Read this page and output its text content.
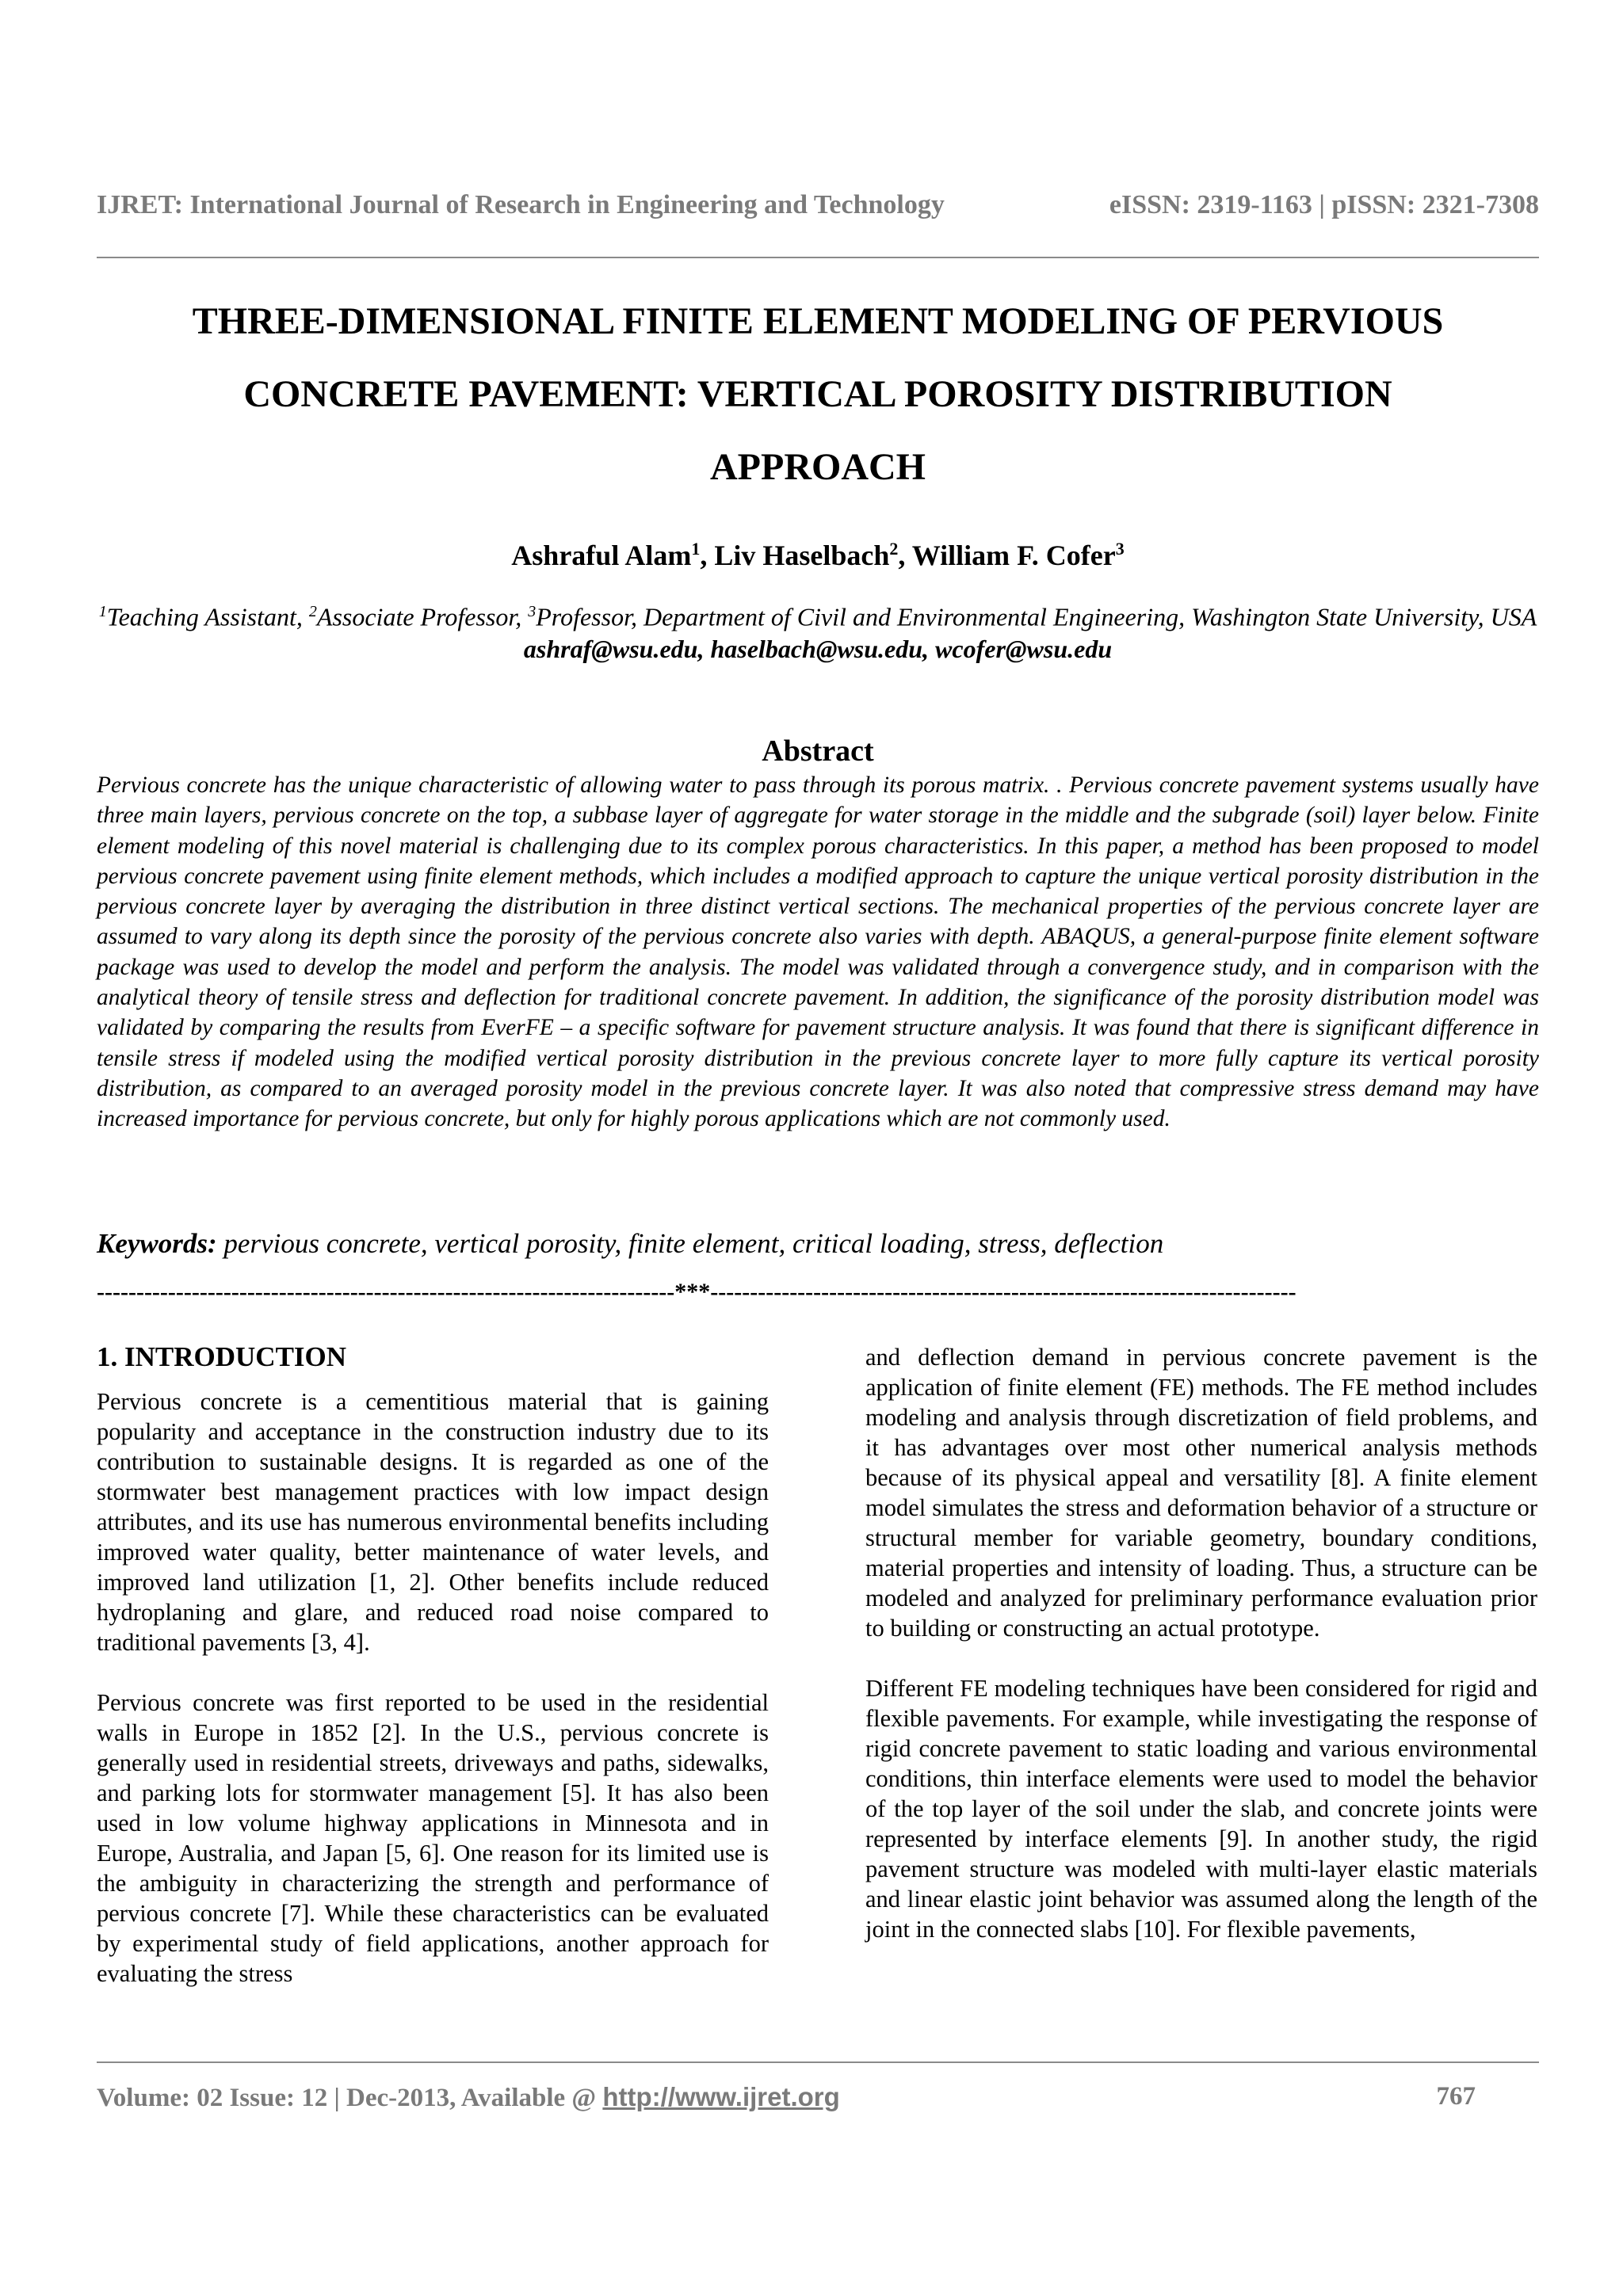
IJRET: International Journal of Research in Engineering and Technology	eISSN: 2319-1163 | pISSN: 2321-7308
THREE-DIMENSIONAL FINITE ELEMENT MODELING OF PERVIOUS
CONCRETE PAVEMENT: VERTICAL POROSITY DISTRIBUTION
APPROACH
Ashraful Alam$^1$, Liv Haselbach$^2$, William F. Cofer$^3$
$^1$Teaching Assistant, $^2$Associate Professor, $^3$Professor, Department of Civil and Environmental Engineering, Washington State University, USA
ashraf@wsu.edu, haselbach@wsu.edu, wcofer@wsu.edu
Abstract
Pervious concrete has the unique characteristic of allowing water to pass through its porous matrix. . Pervious concrete pavement systems usually have three main layers, pervious concrete on the top, a subbase layer of aggregate for water storage in the middle and the subgrade (soil) layer below. Finite element modeling of this novel material is challenging due to its complex porous characteristics. In this paper, a method has been proposed to model pervious concrete pavement using finite element methods, which includes a modified approach to capture the unique vertical porosity distribution in the pervious concrete layer by averaging the distribution in three distinct vertical sections. The mechanical properties of the pervious concrete layer are assumed to vary along its depth since the porosity of the pervious concrete also varies with depth. ABAQUS, a general-purpose finite element software package was used to develop the model and perform the analysis. The model was validated through a convergence study, and in comparison with the analytical theory of tensile stress and deflection for traditional concrete pavement. In addition, the significance of the porosity distribution model was validated by comparing the results from EverFE – a specific software for pavement structure analysis. It was found that there is significant difference in tensile stress if modeled using the modified vertical porosity distribution in the previous concrete layer to more fully capture its vertical porosity distribution, as compared to an averaged porosity model in the previous concrete layer. It was also noted that compressive stress demand may have increased importance for pervious concrete, but only for highly porous applications which are not commonly used.
Keywords: pervious concrete, vertical porosity, finite element, critical loading, stress, deflection
-------------------------------------------------------------------------***--------------------------------------------------------------------------
1. INTRODUCTION

Pervious concrete is a cementitious material that is gaining popularity and acceptance in the construction industry due to its contribution to sustainable designs. It is regarded as one of the stormwater best management practices with low impact design attributes, and its use has numerous environmental benefits including improved water quality, better maintenance of water levels, and improved land utilization [1, 2]. Other benefits include reduced hydroplaning and glare, and reduced road noise compared to traditional pavements [3, 4].

Pervious concrete was first reported to be used in the residential walls in Europe in 1852 [2]. In the U.S., pervious concrete is generally used in residential streets, driveways and paths, sidewalks, and parking lots for stormwater management [5]. It has also been used in low volume highway applications in Minnesota and in Europe, Australia, and Japan [5, 6]. One reason for its limited use is the ambiguity in characterizing the strength and performance of pervious concrete [7]. While these characteristics can be evaluated by experimental study of field applications, another approach for evaluating the stress

and deflection demand in pervious concrete pavement is the application of finite element (FE) methods. The FE method includes modeling and analysis through discretization of field problems, and it has advantages over most other numerical analysis methods because of its physical appeal and versatility [8]. A finite element model simulates the stress and deformation behavior of a structure or structural member for variable geometry, boundary conditions, material properties and intensity of loading. Thus, a structure can be modeled and analyzed for preliminary performance evaluation prior to building or constructing an actual prototype.

Different FE modeling techniques have been considered for rigid and flexible pavements. For example, while investigating the response of rigid concrete pavement to static loading and various environmental conditions, thin interface elements were used to model the behavior of the top layer of the soil under the slab, and concrete joints were represented by interface elements [9]. In another study, the rigid pavement structure was modeled with multi-layer elastic materials and linear elastic joint behavior was assumed along the length of the joint in the connected slabs [10]. For flexible pavements,

Volume: 02 Issue: 12 | Dec-2013, Available @ http://www.ijret.org	767
